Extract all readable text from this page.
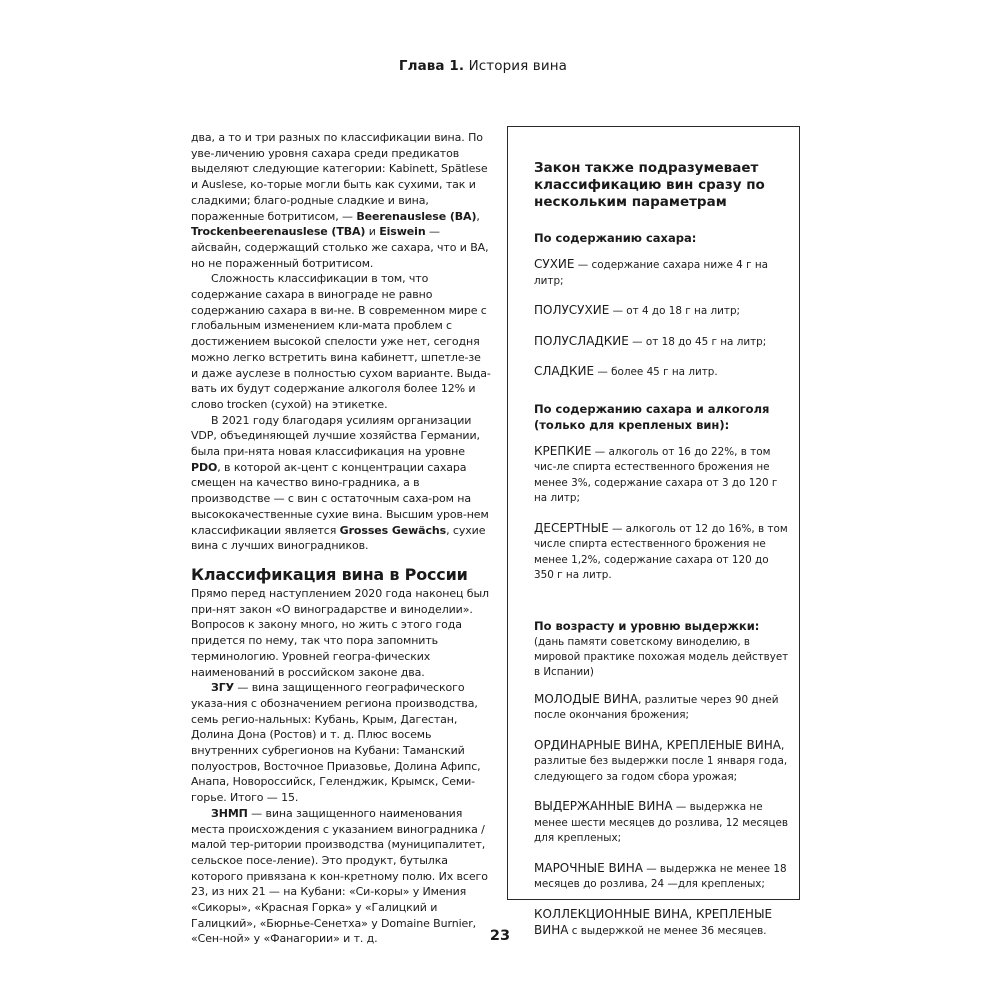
Глава 1. История вина

два, а то и три разных по классификации вина. По уве-личению уровня сахара среди предикатов выделяют следующие категории: Kabinett, Spätlese и Auslese, ко-торые могли быть как сухими, так и сладкими; благо-родные сладкие и вина, пораженные ботритисом, — Beerenauslese (BA), Trockenbeerenauslese (TBA) и Eiswein — айсвайн, содержащий столько же сахара, что и BA, но не пораженный ботритисом.

Сложность классификации в том, что содержание сахара в винограде не равно содержанию сахара в ви-не. В современном мире с глобальным изменением кли-мата проблем с достижением высокой спелости уже нет, сегодня можно легко встретить вина кабинетт, шпетле-зе и даже ауслезе в полностью сухом варианте. Выда-вать их будут содержание алкоголя более 12% и слово trocken (сухой) на этикетке.

В 2021 году благодаря усилиям организации VDP, объединяющей лучшие хозяйства Германии, была при-нята новая классификация на уровне PDO, в которой ак-цент с концентрации сахара смещен на качество вино-градника, а в производстве — с вин с остаточным саха-ром на высококачественные сухие вина. Высшим уров-нем классификации является Grosses Gewächs, сухие вина с лучших виноградников.

Классификация вина в России

Прямо перед наступлением 2020 года наконец был при-нят закон «О виноградарстве и виноделии». Вопросов к закону много, но жить с этого года придется по нему, так что пора запомнить терминологию. Уровней геогра-фических наименований в российском законе два.

ЗГУ — вина защищенного географического указа-ния с обозначением региона производства, семь регио-нальных: Кубань, Крым, Дагестан, Долина Дона (Ростов) и т. д. Плюс восемь внутренних субрегионов на Кубани: Таманский полуостров, Восточное Приазовье, Долина Афипс, Анапа, Новороссийск, Геленджик, Крымск, Семи-горье. Итого — 15.

ЗНМП — вина защищенного наименования места происхождения с указанием виноградника / малой тер-ритории производства (муниципалитет, сельское посе-ление). Это продукт, бутылка которого привязана к кон-кретному полю. Их всего 23, из них 21 — на Кубани: «Си-коры» у Имения «Сикоры», «Красная Горка» у «Галицкий и Галицкий», «Бюрнье-Сенетха» у Domaine Burnier, «Сен-ной» у «Фанагории» и т. д.

Закон также подразумевает классификацию вин сразу по нескольким параметрам
По содержанию сахара:
СУХИЕ — содержание сахара ниже 4 г на литр;
ПОЛУСУХИЕ — от 4 до 18 г на литр;
ПОЛУСЛАДКИЕ — от 18 до 45 г на литр;
СЛАДКИЕ — более 45 г на литр.
По содержанию сахара и алкоголя (только для крепленых вин):
КРЕПКИЕ — алкоголь от 16 до 22%, в том чис-ле спирта естественного брожения не менее 3%, содержание сахара от 3 до 120 г на литр;
ДЕСЕРТНЫЕ — алкоголь от 12 до 16%, в том числе спирта естественного брожения не менее 1,2%, содержание сахара от 120 до 350 г на литр.
По возрасту и уровню выдержки:
(дань памяти советскому виноделию, в мировой практике похожая модель действует в Испании)
МОЛОДЫЕ ВИНА, разлитые через 90 дней после окончания брожения;
ОРДИНАРНЫЕ ВИНА, КРЕПЛЕНЫЕ ВИНА, разлитые без выдержки после 1 января года, следующего за годом сбора урожая;
ВЫДЕРЖАННЫЕ ВИНА — выдержка не менее шести месяцев до розлива, 12 месяцев для крепленых;
МАРОЧНЫЕ ВИНА — выдержка не менее 18 месяцев до розлива, 24 —для крепленых;
КОЛЛЕКЦИОННЫЕ ВИНА, КРЕПЛЕНЫЕ ВИНА с выдержкой не менее 36 месяцев.
23
